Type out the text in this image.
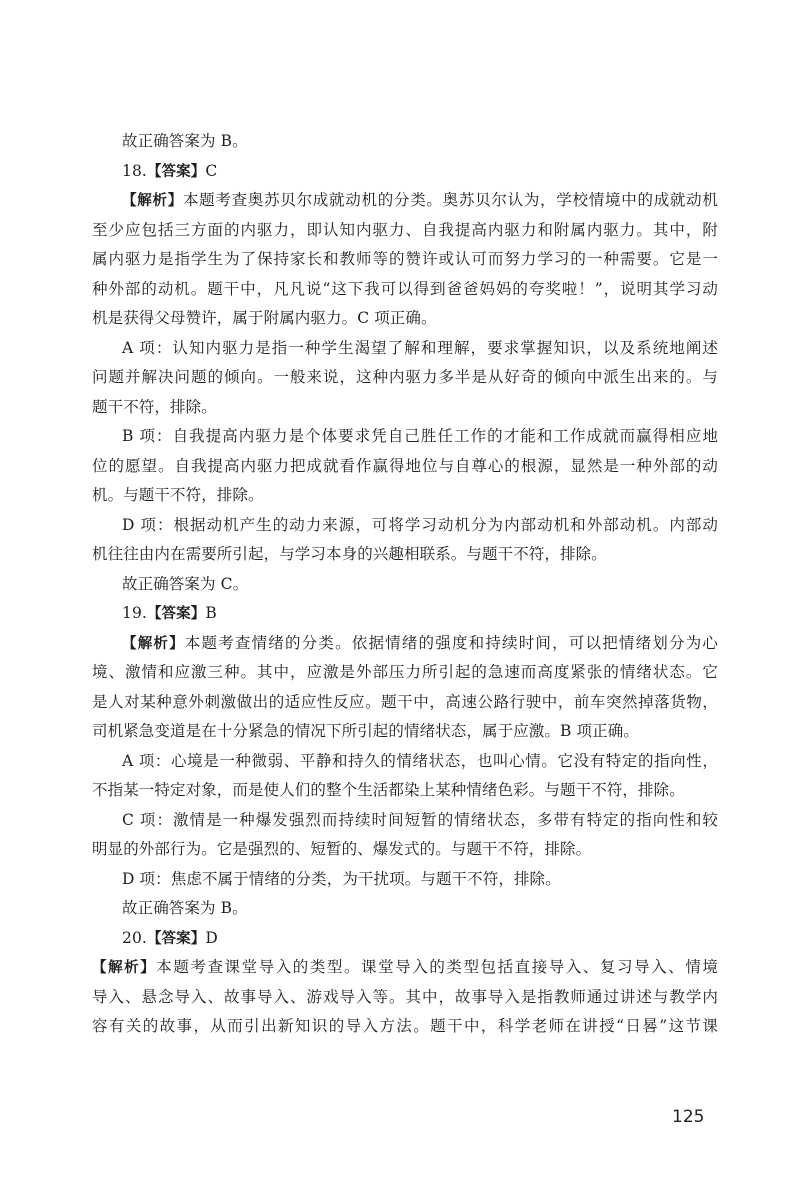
故正确答案为 B。
18.【答案】C
【解析】本题考查奥苏贝尔成就动机的分类。奥苏贝尔认为，学校情境中的成就动机
至少应包括三方面的内驱力，即认知内驱力、自我提高内驱力和附属内驱力。其中，附
属内驱力是指学生为了保持家长和教师等的赞许或认可而努力学习的一种需要。它是一
种外部的动机。题干中，凡凡说“这下我可以得到爸爸妈妈的夸奖啦！”，说明其学习动
机是获得父母赞许，属于附属内驱力。C 项正确。
A 项：认知内驱力是指一种学生渴望了解和理解，要求掌握知识，以及系统地阐述
问题并解决问题的倾向。一般来说，这种内驱力多半是从好奇的倾向中派生出来的。与
题干不符，排除。
B 项：自我提高内驱力是个体要求凭自己胜任工作的才能和工作成就而赢得相应地
位的愿望。自我提高内驱力把成就看作赢得地位与自尊心的根源，显然是一种外部的动
机。与题干不符，排除。
D 项：根据动机产生的动力来源，可将学习动机分为内部动机和外部动机。内部动
机往往由内在需要所引起，与学习本身的兴趣相联系。与题干不符，排除。
故正确答案为 C。
19.【答案】B
【解析】本题考查情绪的分类。依据情绪的强度和持续时间，可以把情绪划分为心
境、激情和应激三种。其中，应激是外部压力所引起的急速而高度紧张的情绪状态。它
是人对某种意外刺激做出的适应性反应。题干中，高速公路行驶中，前车突然掉落货物，
司机紧急变道是在十分紧急的情况下所引起的情绪状态，属于应激。B 项正确。
A 项：心境是一种微弱、平静和持久的情绪状态，也叫心情。它没有特定的指向性，
不指某一特定对象，而是使人们的整个生活都染上某种情绪色彩。与题干不符，排除。
C 项：激情是一种爆发强烈而持续时间短暂的情绪状态，多带有特定的指向性和较
明显的外部行为。它是强烈的、短暂的、爆发式的。与题干不符，排除。
D 项：焦虑不属于情绪的分类，为干扰项。与题干不符，排除。
故正确答案为 B。
20.【答案】D
【解析】本题考查课堂导入的类型。课堂导入的类型包括直接导入、复习导入、情境
导入、悬念导入、故事导入、游戏导入等。其中，故事导入是指教师通过讲述与教学内
容有关的故事，从而引出新知识的导入方法。题干中，科学老师在讲授“日晷”这节课
125
